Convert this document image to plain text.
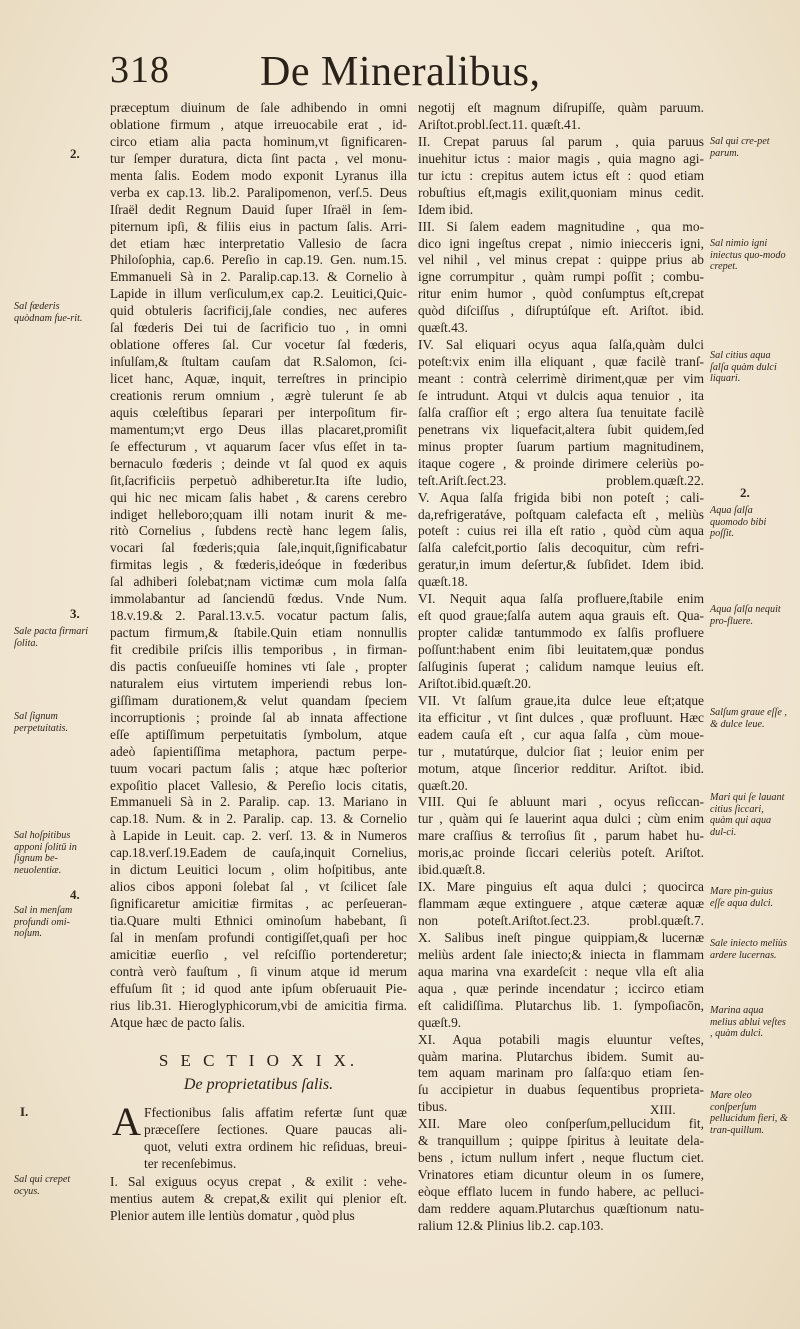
318 De Mineralibus,
præceptum diuinum de ſale adhibendo in omni
oblatione firmum , atque irreuocabile erat , id-
circo etiam alia pacta hominum,vt ſignificaren-
tur ſemper duratura, dicta ſint pacta , vel monu-
menta ſalis. Eodem modo exponit Lyranus illa
verba ex cap.13. lib.2. Paralipomenon, verſ.5. Deus
Iſraël dedit Regnum Dauid ſuper Iſraël in ſem-
piternum ipſi, & filiis eius in pactum ſalis. Arri-
det etiam hæc interpretatio Vallesio de ſacra
Philoſophia, cap.6. Pereſio in cap.19. Gen. num.15.
Emmanueli Sà in 2. Paralip.cap.13. & Cornelio à
Lapide in illum verſiculum,ex cap.2. Leuitici,Quic-
quid obtuleris ſacrificij,ſale condies, nec auferes
ſal fœderis Dei tui de ſacrificio tuo , in omni
oblatione offeres ſal. Cur vocetur ſal fœderis,
inſulſam,& ſtultam cauſam dat R.Salomon, ſci-
licet hanc, Aquæ, inquit, terreſtres in principio
creationis rerum omnium , ægrè tulerunt ſe ab
aquis cœleſtibus ſeparari per interpoſitum fir-
mamentum;vt ergo Deus illas placaret,promiſit
ſe effecturum , vt aquarum ſacer vſus eſſet in ta-
bernaculo fœderis ; deinde vt ſal quod ex aquis
ſit,ſacrificiis perpetuò adhiberetur.Ita iſte ludio,
qui hic nec micam ſalis habet , & carens cerebro
indiget helleboro;quam illi notam inurit & me-
ritò Cornelius , ſubdens rectè hanc legem ſalis,
vocari ſal fœderis;quia ſale,inquit,ſignificabatur
firmitas legis , & fœderis,ideóque in fœderibus
ſal adhiberi ſolebat;nam victimæ cum mola ſalſa
immolabantur ad ſanciendū fœdus. Vnde Num.
18.v.19.& 2. Paral.13.v.5. vocatur pactum ſalis,
pactum firmum,& ſtabile.Quin etiam nonnullis
fit credibile priſcis illis temporibus , in firman-
dis pactis conſueuiſſe homines vti ſale , propter
naturalem eius virtutem imperiendi rebus lon-
giſſimam durationem,& velut quandam ſpeciem
incorruptionis ; proinde ſal ab innata affectione
eſſe aptiſſimum perpetuitatis ſymbolum, atque
adeò ſapientiſſima metaphora, pactum perpe-
tuum vocari pactum ſalis ; atque hæc poſterior
expoſitio placet Vallesio, & Pereſio locis citatis,
Emmanueli Sà in 2. Paralip. cap. 13. Mariano in
cap.18. Num. & in 2. Paralip. cap. 13. & Cornelio
à Lapide in Leuit. cap. 2. verſ. 13. & in Numeros
cap.18.verſ.19.Eadem de cauſa,inquit Cornelius,
in dictum Leuitici locum , olim hoſpitibus, ante
alios cibos apponi ſolebat ſal , vt ſcilicet ſale
ſignificaretur amicitiæ firmitas , ac perſeueran-
tia.Quare multi Ethnici ominoſum habebant, ſi
ſal in menſam profundi contigiſſet,quaſi per hoc
amicitiæ euerſio , vel reſciſſio portenderetur;
contrà verò fauſtum , ſi vinum atque id merum
effuſum ſit ; id quod ante ipſum obſeruauit Pie-
rius lib.31. Hieroglyphicorum,vbi de amicitia firma.
Atque hæc de pacto ſalis.
S E C T I O X I X.
De proprietatibus ſalis.
A Ffectionibus ſalis affatim refertæ ſunt quæ
præceſſere ſectiones. Quare paucas ali-
quot, veluti extra ordinem hic reſiduas, breui-
ter recenſebimus.
I. Sal exiguus ocyus crepat , & exilit : vehe-
mentius autem & crepat,& exilit qui plenior eſt.
Plenior autem ille lentiùs domatur , quòd plus
negotij eſt magnum diſrupiſſe, quàm paruum.
Ariſtot.probl.ſect.11. quæſt.41.
II. Crepat paruus ſal parum , quia paruus
inuehitur ictus : maior magis , quia magno agi-
tur ictu : crepitus autem ictus eſt : quod etiam
robuſtius eſt,magis exilit,quoniam minus cedit.
Idem ibid.
III. Si ſalem eadem magnitudine , qua mo-
dico igni ingeſtus crepat , nimio iniecceris igni,
vel nihil , vel minus crepat : quippe prius ab
igne corrumpitur , quàm rumpi poſſit ; combu-
ritur enim humor , quòd conſumptus eſt,crepat
quòd diſciſſus , diſruptúſque eſt. Ariſtot. ibid.
quæſt.43.
IV. Sal eliquari ocyus aqua ſalſa,quàm dulci
poteſt:vix enim illa eliquant , quæ facilè tranſ-
meant : contrà celerrimè diriment,quæ per vim
ſe intrudunt. Atqui vt dulcis aqua tenuior , ita
ſalſa craſſior eſt ; ergo altera ſua tenuitate facilè
penetrans vix liquefacit,altera ſubit quidem,ſed
minus propter ſuarum partium magnitudinem,
itaque cogere , & proinde dirimere celeriùs po-
teſt.Ariſt.ſect.23. problem.quæſt.22.
V. Aqua ſalſa frigida bibi non poteſt ; cali-
da,refrigeratáve, poſtquam calefacta eſt , meliùs
poteſt : cuius rei illa eſt ratio , quòd cùm aqua
ſalſa calefcit,portio ſalis decoquitur, cùm refri-
geratur,in imum deſertur,& ſubſidet. Idem ibid.
quæſt.18.
VI. Nequit aqua ſalſa profluere,ſtabile enim
eſt quod graue;ſalſa autem aqua grauis eſt. Qua-
propter calidæ tantummodo ex ſalſis profluere
poſſunt:habent enim ſibi leuitatem,quæ pondus
ſalſuginis ſuperat ; calidum namque leuius eſt.
Ariſtot.ibid.quæſt.20.
VII. Vt ſalſum graue,ita dulce leue eſt;atque
ita efficitur , vt ſint dulces , quæ profluunt. Hæc
eadem cauſa eſt , cur aqua ſalſa , cùm moue-
tur , mutatúrque, dulcior ſiat ; leuior enim per
motum, atque ſincerior redditur. Ariſtot. ibid.
quæſt.20.
VIII. Qui ſe abluunt mari , ocyus reſiccan-
tur , quàm qui ſe lauerint aqua dulci ; cùm enim
mare craſſius & terroſius ſit , parum habet hu-
moris,ac proinde ſiccari celeriùs poteſt. Ariſtot.
ibid.quæſt.8.
IX. Mare pinguius eſt aqua dulci ; quocirca
flammam æque extinguere , atque cæteræ aquæ
non poteſt.Ariſtot.ſect.23. probl.quæſt.7.
X. Salibus ineſt pingue quippiam,& lucernæ
meliùs ardent ſale iniecto;& iniecta in flammam
aqua marina vna exardeſcit : neque vlla eſt alia
aqua , quæ perinde incendatur ; iccirco etiam
eſt calidiſſima. Plutarchus lib. 1. ſympoſiacōn,
quæſt.9.
XI. Aqua potabili magis eluuntur veſtes,
quàm marina. Plutarchus ibidem. Sumit au-
tem aquam marinam pro ſalſa:quo etiam ſen-
ſu accipietur in duabus ſequentibus proprieta-
tibus.
XII. Mare oleo conſperſum,pellucidum fit,
& tranquillum ; quippe ſpiritus à leuitate dela-
bens , ictum nullum infert , neque fluctum ciet.
Vrinatores etiam dicuntur oleum in os ſumere,
eòque efflato lucem in fundo habere, ac pelluci-
dam reddere aquam.Plutarchus quæſtionum natu-
ralium 12.& Plinius lib.2. cap.103.
XIII.
2.
Sal fœderis quòdnam fue-rit.
3.
Sale pacta firmari ſolita.
Sal ſignum perpetuitatis.
Sal hoſpitibus apponi ſolitū in ſignum be-neuolentiæ.
4.
Sal in menſam profundi omi-noſum.
I.
Sal qui crepet ocyus.
Sal qui cre-pet parum.
Sal nimio igni iniectus quo-modo crepet.
Sal citius aqua ſalſa quàm dulci liquari.
2.
Aqua ſalſa quomodo bibi poſſit.
Aqua ſalſa nequit pro-fluere.
Salſum graue eſſe , & dulce leue.
Mari qui ſe lauant citius ſiccari, quàm qui aqua dul-ci.
Mare pin-guius eſſe aqua dulci.
Sale iniecto meliùs ardere lucernas.
Marina aqua melius ablui veſtes , quàm dulci.
Mare oleo conſperſum pellucidum fieri, & tran-quillum.
